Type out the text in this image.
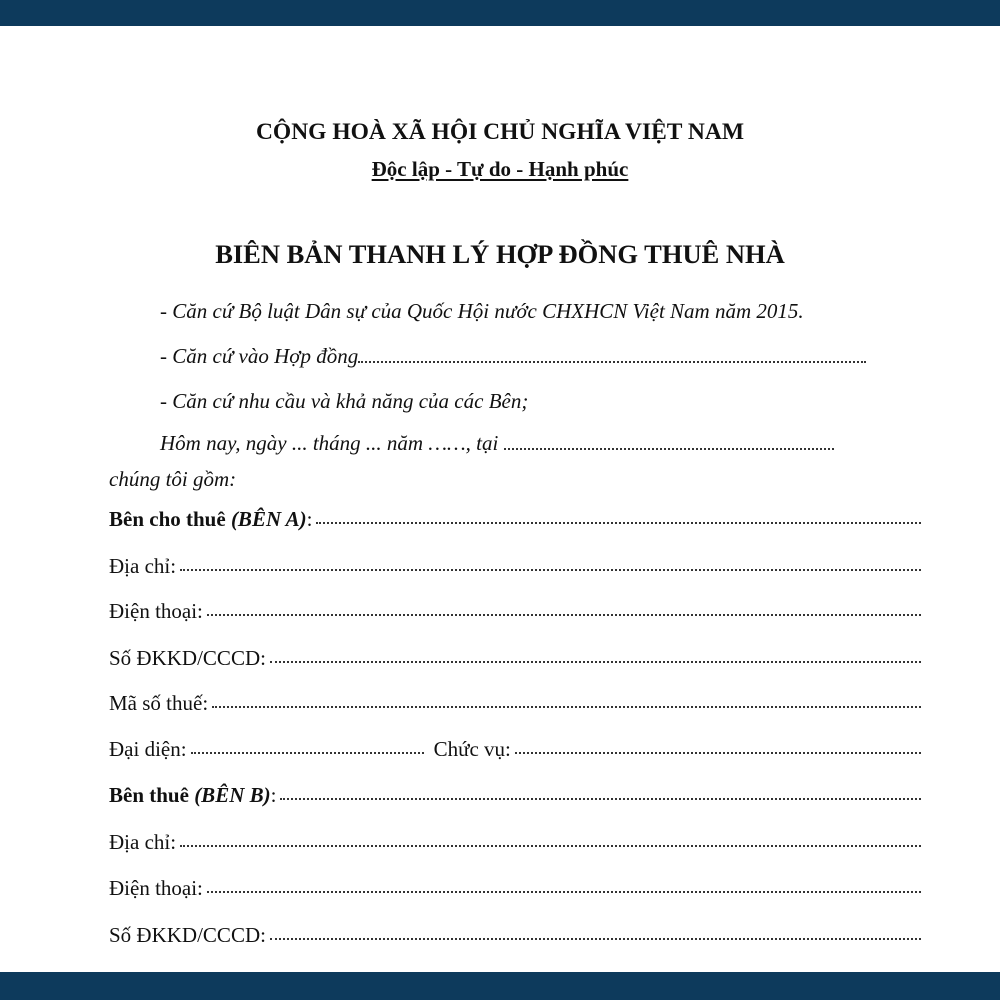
CỘNG HOÀ XÃ HỘI CHỦ NGHĨA VIỆT NAM
Độc lập - Tự do - Hạnh phúc
BIÊN BẢN THANH LÝ HỢP ĐỒNG THUÊ NHÀ
- Căn cứ Bộ luật Dân sự của Quốc Hội nước CHXHCN Việt Nam năm 2015.
- Căn cứ vào Hợp đồng
- Căn cứ nhu cầu và khả năng của các Bên;
Hôm nay, ngày ... tháng ... năm ……, tại
chúng tôi gồm:
Bên cho thuê (BÊN A):
Địa chỉ:
Điện thoại:
Số ĐKKD/CCCD:
Mã số thuế:
Đại diện:	Chức vụ:
Bên thuê (BÊN B):
Địa chỉ:
Điện thoại:
Số ĐKKD/CCCD:
